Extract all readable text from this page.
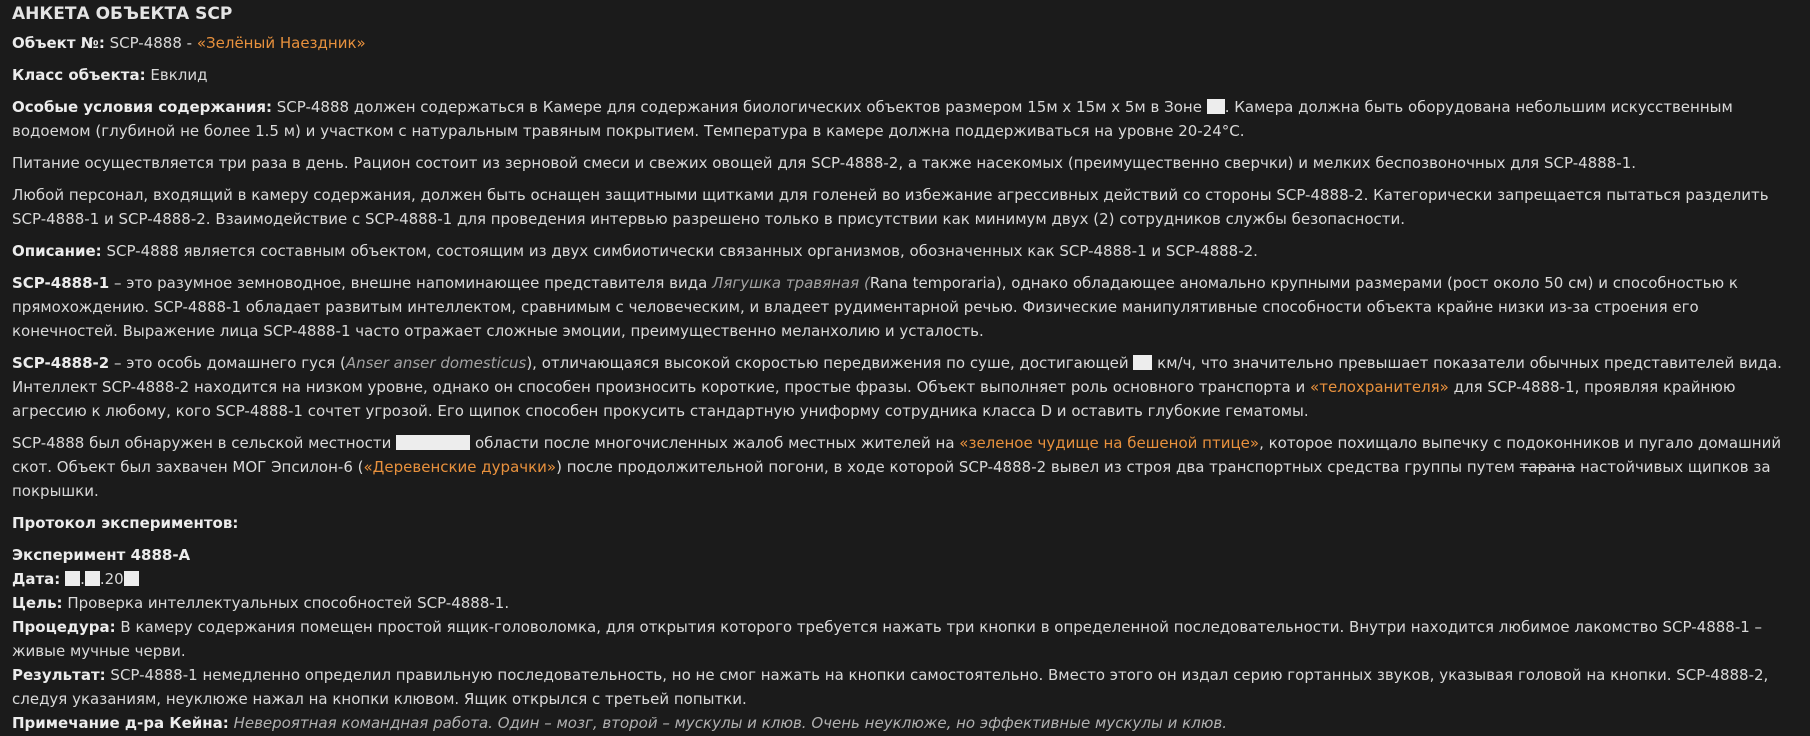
АНКЕТА ОБЪЕКТА SCP

Объект №: SCP-4888 - «Зелёный Наездник»

Класс объекта: Евклид

Особые условия содержания: SCP-4888 должен содержаться в Камере для содержания биологических объектов размером 15м х 15м х 5м в Зоне . Камера должна быть оборудована небольшим искусственным водоемом (глубиной не более 1.5 м) и участком с натуральным травяным покрытием. Температура в камере должна поддерживаться на уровне 20-24°С.

Питание осуществляется три раза в день. Рацион состоит из зерновой смеси и свежих овощей для SCP-4888-2, а также насекомых (преимущественно сверчки) и мелких беспозвоночных для SCP-4888-1.

Любой персонал, входящий в камеру содержания, должен быть оснащен защитными щитками для голеней во избежание агрессивных действий со стороны SCP-4888-2. Категорически запрещается пытаться разделить SCP-4888-1 и SCP-4888-2. Взаимодействие с SCP-4888-1 для проведения интервью разрешено только в присутствии как минимум двух (2) сотрудников службы безопасности.

Описание: SCP-4888 является составным объектом, состоящим из двух симбиотически связанных организмов, обозначенных как SCP-4888-1 и SCP-4888-2.

SCP-4888-1 – это разумное земноводное, внешне напоминающее представителя вида Лягушка травяная (Rana temporaria), однако обладающее аномально крупными размерами (рост около 50 см) и способностью к прямохождению. SCP-4888-1 обладает развитым интеллектом, сравнимым с человеческим, и владеет рудиментарной речью. Физические манипулятивные способности объекта крайне низки из-за строения его конечностей. Выражение лица SCP-4888-1 часто отражает сложные эмоции, преимущественно меланхолию и усталость.

SCP-4888-2 – это особь домашнего гуся (Anser anser domesticus), отличающаяся высокой скоростью передвижения по суше, достигающей км/ч, что значительно превышает показатели обычных представителей вида. Интеллект SCP-4888-2 находится на низком уровне, однако он способен произносить короткие, простые фразы. Объект выполняет роль основного транспорта и «телохранителя» для SCP-4888-1, проявляя крайнюю агрессию к любому, кого SCP-4888-1 сочтет угрозой. Его щипок способен прокусить стандартную униформу сотрудника класса D и оставить глубокие гематомы.

SCP-4888 был обнаружен в сельской местности	области после многочисленных жалоб местных жителей на «зеленое чудище на бешеной птице», которое похищало выпечку с подоконников и пугало домашний скот. Объект был захвачен МОГ Эпсилон-6 («Деревенские дурачки») после продолжительной погони, в ходе которой SCP-4888-2 вывел из строя два транспортных средства группы путем тарана настойчивых щипков за покрышки.

Протокол экспериментов:

Эксперимент 4888-A

Дата: . .20
Цель: Проверка интеллектуальных способностей SCP-4888-1.
Процедура: В камеру содержания помещен простой ящик-головоломка, для открытия которого требуется нажать три кнопки в определенной последовательности. Внутри находится любимое лакомство SCP-4888-1 – живые мучные черви.
Результат: SCP-4888-1 немедленно определил правильную последовательность, но не смог нажать на кнопки самостоятельно. Вместо этого он издал серию гортанных звуков, указывая головой на кнопки. SCP-4888-2, следуя указаниям, неуклюже нажал на кнопки клювом. Ящик открылся с третьей попытки.
Примечание д-ра Кейна: Невероятная командная работа. Один – мозг, второй – мускулы и клюв. Очень неуклюже, но эффективные мускулы и клюв.
